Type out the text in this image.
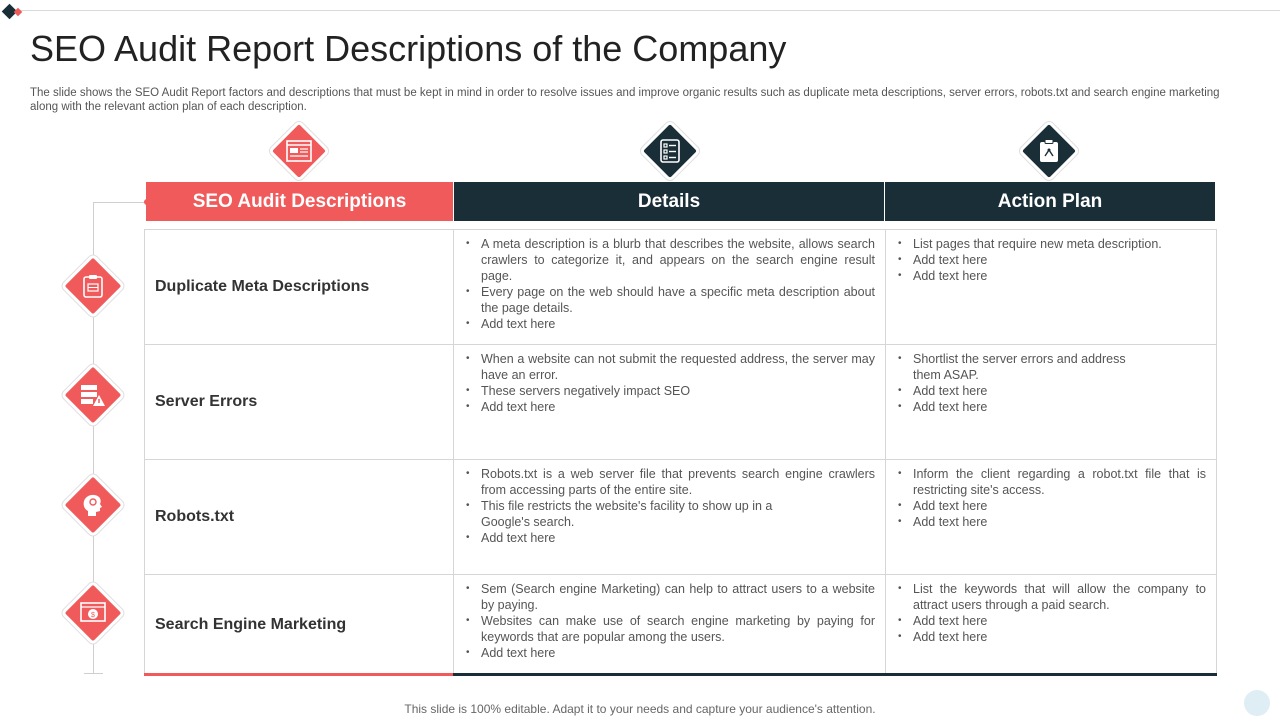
SEO Audit Report Descriptions of the Company

The slide shows the SEO Audit Report factors and descriptions that must be kept in mind in order to resolve issues and improve organic results such as duplicate meta descriptions, server errors, robots.txt and search engine marketing along with the relevant action plan of each description.

SEO Audit Descriptions	Details	Action Plan
$
Duplicate Meta Descriptions
• A meta description is a blurb that describes the website, allows search crawlers to categorize it, and appears on the search engine result page.
• Every page on the web should have a specific meta description about the page details.
• Add text here
• List pages that require new meta description.
• Add text here
• Add text here
Server Errors
• When a website can not submit the requested address, the server may have an error.
• These servers negatively impact SEO
• Add text here
• Shortlist the server errors and address them ASAP.
• Add text here
• Add text here
Robots.txt
• Robots.txt is a web server file that prevents search engine crawlers from accessing parts of the entire site.
• This file restricts the website's facility to show up in a Google's search.
• Add text here
• Inform the client regarding a robot.txt file that is restricting site's access.
• Add text here
• Add text here
Search Engine Marketing
• Sem (Search engine Marketing) can help to attract users to a website by paying.
• Websites can make use of search engine marketing by paying for keywords that are popular among the users.
• Add text here
• List the keywords that will allow the company to attract users through a paid search.
• Add text here
• Add text here
This slide is 100% editable. Adapt it to your needs and capture your audience's attention.
